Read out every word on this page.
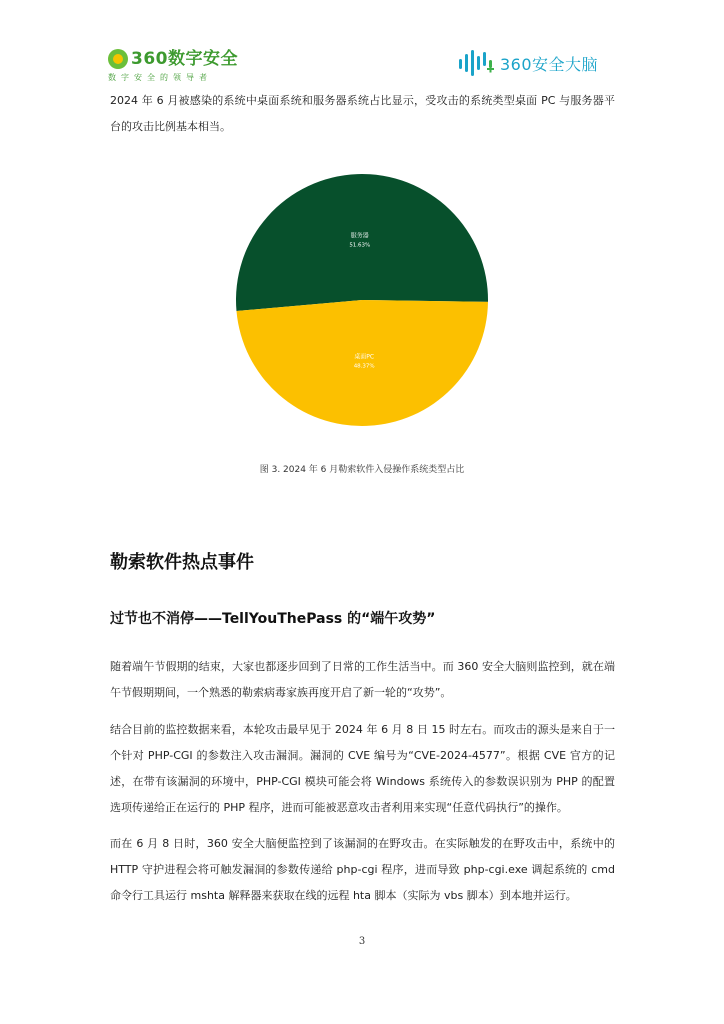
360数字安全
数字安全的领导者
360安全大脑

2024 年 6 月被感染的系统中桌面系统和服务器系统占比显示，受攻击的系统类型桌面 PC 与服务器平台的攻击比例基本相当。

服务器
51.63%
桌面PC
48.37%
图 3. 2024 年 6 月勒索软件入侵操作系统类型占比
勒索软件热点事件
过节也不消停——TellYouThePass 的“端午攻势”

随着端午节假期的结束，大家也都逐步回到了日常的工作生活当中。而 360 安全大脑则监控到，就在端午节假期期间，一个熟悉的勒索病毒家族再度开启了新一轮的“攻势”。

结合目前的监控数据来看，本轮攻击最早见于 2024 年 6 月 8 日 15 时左右。而攻击的源头是来自于一个针对 PHP-CGI 的参数注入攻击漏洞。漏洞的 CVE 编号为“CVE-2024-4577”。根据 CVE 官方的记述，在带有该漏洞的环境中，PHP-CGI 模块可能会将 Windows 系统传入的参数误识别为 PHP 的配置选项传递给正在运行的 PHP 程序，进而可能被恶意攻击者利用来实现“任意代码执行”的操作。

而在 6 月 8 日时，360 安全大脑便监控到了该漏洞的在野攻击。在实际触发的在野攻击中，系统中的 HTTP 守护进程会将可触发漏洞的参数传递给 php-cgi 程序，进而导致 php-cgi.exe 调起系统的 cmd 命令行工具运行 mshta 解释器来获取在线的远程 hta 脚本（实际为 vbs 脚本）到本地并运行。

3
